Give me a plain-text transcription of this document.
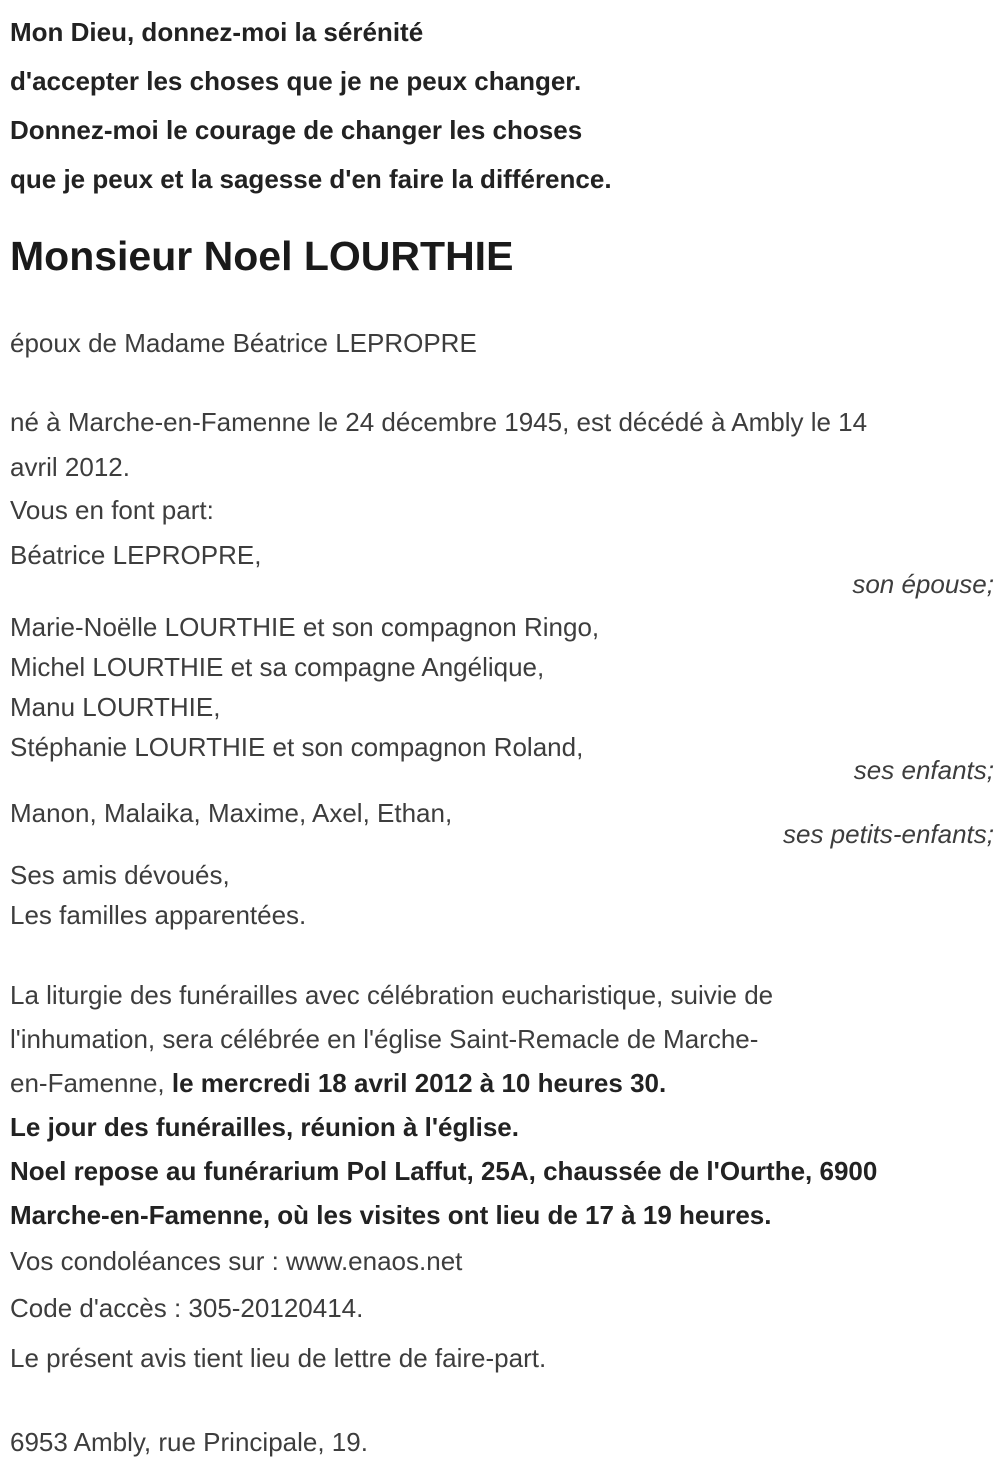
Mon Dieu, donnez-moi la sérénité
d'accepter les choses que je ne peux changer.
Donnez-moi le courage de changer les choses
que je peux et la sagesse d'en faire la différence.
Monsieur Noel LOURTHIE
époux de Madame Béatrice LEPROPRE
né à Marche-en-Famenne le 24 décembre 1945, est décédé à Ambly le 14
avril 2012.
Vous en font part:
Béatrice LEPROPRE,
son épouse;
Marie-Noëlle LOURTHIE et son compagnon Ringo,
Michel LOURTHIE et sa compagne Angélique,
Manu LOURTHIE,
Stéphanie LOURTHIE et son compagnon Roland,
ses enfants;
Manon, Malaika, Maxime, Axel, Ethan,
ses petits-enfants;
Ses amis dévoués,
Les familles apparentées.
La liturgie des funérailles avec célébration eucharistique, suivie de
l'inhumation, sera célébrée en l'église Saint-Remacle de Marche-
en-Famenne, le mercredi 18 avril 2012 à 10 heures 30.
Le jour des funérailles, réunion à l'église.
Noel repose au funérarium Pol Laffut, 25A, chaussée de l'Ourthe, 6900
Marche-en-Famenne, où les visites ont lieu de 17 à 19 heures.
Vos condoléances sur : www.enaos.net
Code d'accès : 305-20120414.
Le présent avis tient lieu de lettre de faire-part.
6953 Ambly, rue Principale, 19.
